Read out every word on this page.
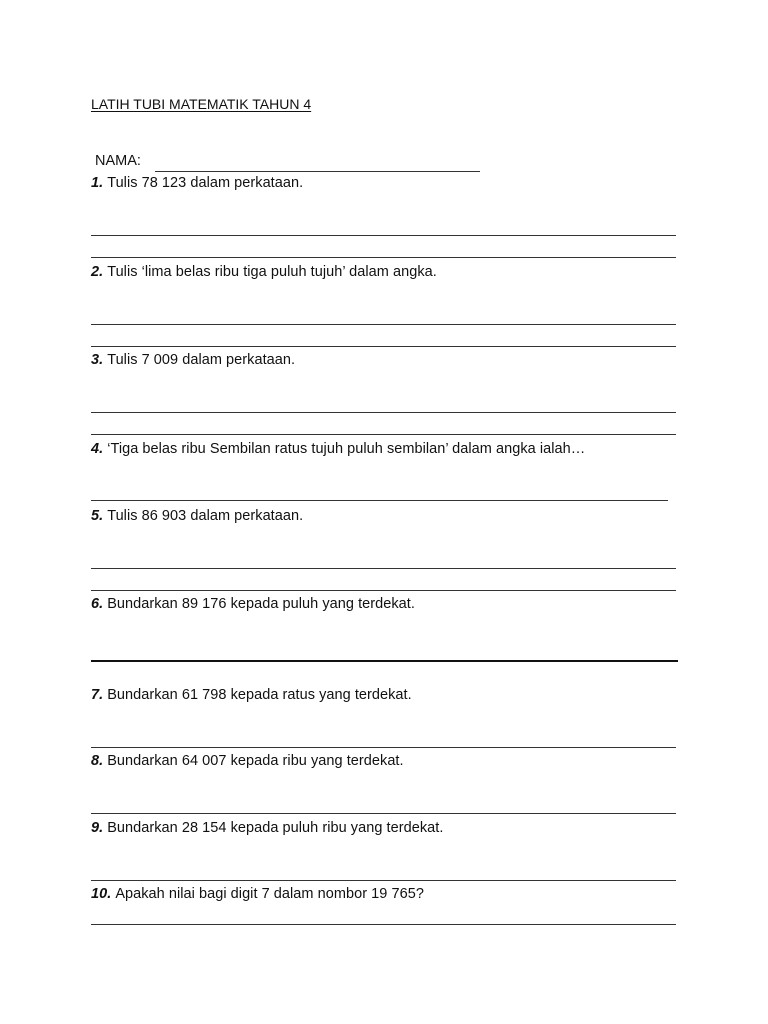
LATIH TUBI MATEMATIK TAHUN 4
NAMA:
1. Tulis 78 123 dalam perkataan.
2. Tulis ‘lima belas ribu tiga puluh tujuh’ dalam angka.
3. Tulis 7 009 dalam perkataan.
4. ‘Tiga belas ribu Sembilan ratus tujuh puluh sembilan’ dalam angka ialah…
5. Tulis 86 903 dalam perkataan.
6. Bundarkan 89 176 kepada puluh yang terdekat.
7. Bundarkan 61 798 kepada ratus yang terdekat.
8. Bundarkan 64 007 kepada ribu yang terdekat.
9. Bundarkan 28 154 kepada puluh ribu yang terdekat.
10. Apakah nilai bagi digit 7 dalam nombor 19 765?
